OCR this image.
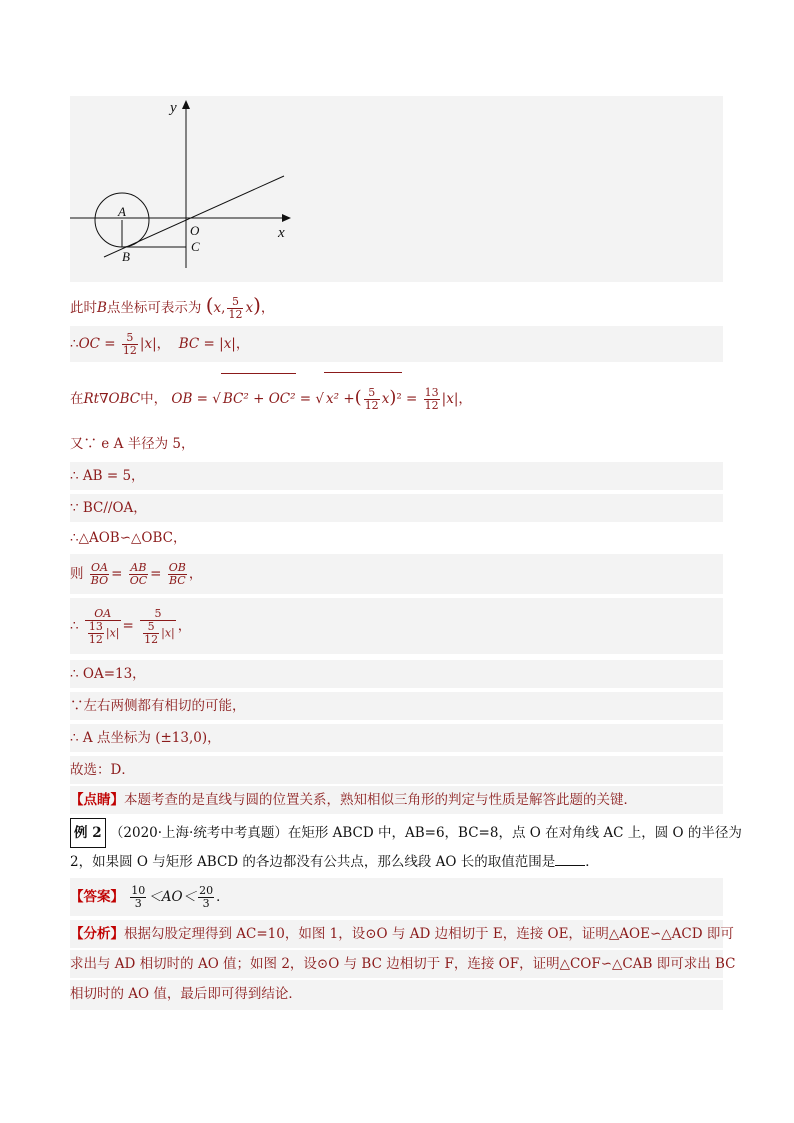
y
x
A
B
O
C
此时B点坐标可表示为 (x, $\frac{5}{12} x$)，
∴OC = $\frac{5}{12} |x|$，  BC = |x|，
在Rt∇OBC中， OB = √ BC² + OC² = √ x² +( $\frac{5}{12} x)^2 = \frac{13}{12} |x|$，
又∵ e A 半径为 5，
∴ AB = 5，
∵ BC//OA，
∴△AOB∽△OBC，
则 $\frac{OA}{BO} = \frac{AB}{OC} = \frac{OB}{BC}$ ，
∴ $\frac{OA}{\frac{13}{12} |x|} = \frac{5}{\frac{5}{12} |x|}$ ，
∴ OA=13，
∵左右两侧都有相切的可能，
∴ A 点坐标为 (±13,0)，
故选：D．
【点睛】本题考查的是直线与圆的位置关系，熟知相似三角形的判定与性质是解答此题的关键．
例 2 （2020·上海·统考中考真题）在矩形 ABCD 中，AB=6，BC=8，点 O 在对角线 AC 上，圆 O 的半径为
2，如果圆 O 与矩形 ABCD 的各边都没有公共点，那么线段 AO 长的取值范围是 ．
【答案】 $\frac{10}{3} <AO< \frac{20}{3}$ ．
【分析】根据勾股定理得到 AC=10，如图 1，设⊙O 与 AD 边相切于 E，连接 OE，证明△AOE∽△ACD 即可
求出与 AD 相切时的 AO 值；如图 2，设⊙O 与 BC 边相切于 F，连接 OF，证明△COF∽△CAB 即可求出 BC
相切时的 AO 值，最后即可得到结论．
